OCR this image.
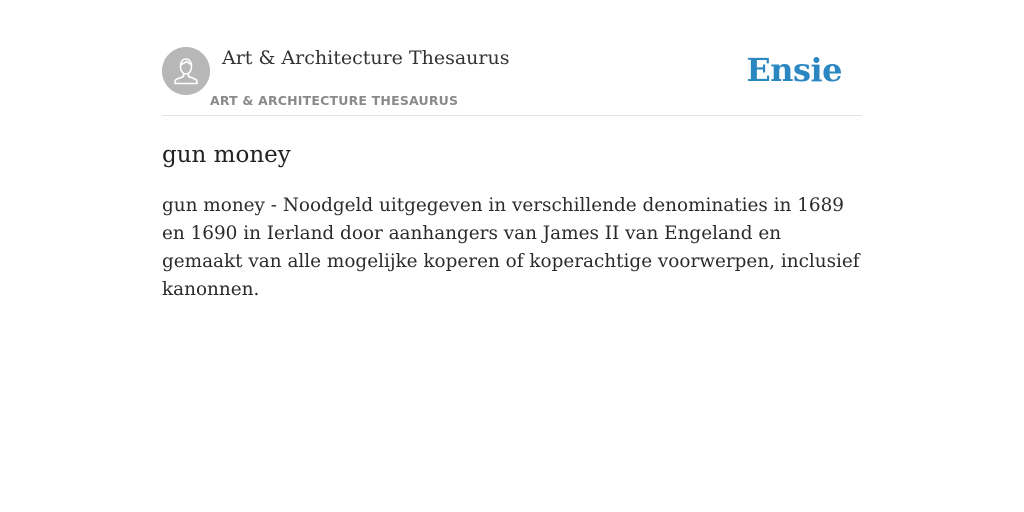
Art & Architecture Thesaurus
ART & ARCHITECTURE THESAURUS
Ensie
gun money

gun money - Noodgeld uitgegeven in verschillende denominaties in 1689 en 1690 in Ierland door aanhangers van James II van Engeland en gemaakt van alle mogelijke koperen of koperachtige voorwerpen, inclusief kanonnen.
